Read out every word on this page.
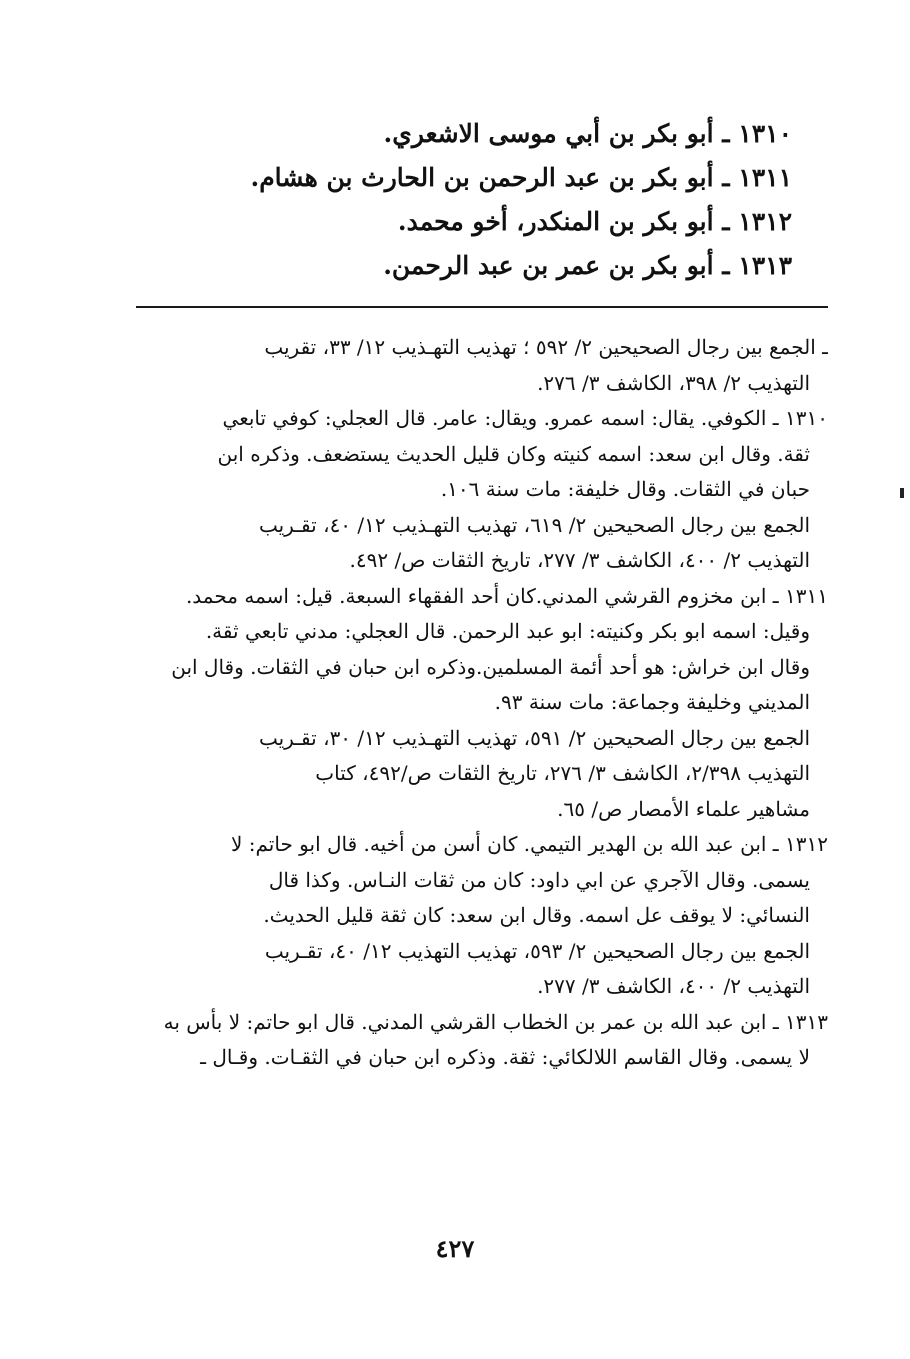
١٣١٠ ـ أبو بكر بن أبي موسى الاشعري.
١٣١١ ـ أبو بكر بن عبد الرحمن بن الحارث بن هشام.
١٣١٢ ـ أبو بكر بن المنكدر، أخو محمد.
١٣١٣ ـ أبو بكر بن عمر بن عبد الرحمن.
ـ الجمع بين رجال الصحيحين ٢/ ٥٩٢ ؛ تهذيب التهـذيب ١٢/ ٣٣، تقريب
التهذيب ٢/ ٣٩٨، الكاشف ٣/ ٢٧٦.
١٣١٠ ـ الكوفي. يقال: اسمه عمرو. ويقال: عامر. قال العجلي: كوفي تابعي
ثقة. وقال ابن سعد: اسمه كنيته وكان قليل الحديث يستضعف. وذكره ابن
حبان في الثقات. وقال خليفة: مات سنة ١٠٦.
الجمع بين رجال الصحيحين ٢/ ٦١٩، تهذيب التهـذيب ١٢/ ٤٠، تقـريب
التهذيب ٢/ ٤٠٠، الكاشف ٣/ ٢٧٧، تاريخ الثقات ص/ ٤٩٢.
١٣١١ ـ ابن مخزوم القرشي المدني.كان أحد الفقهاء السبعة. قيل: اسمه محمد.
وقيل: اسمه ابو بكر وكنيته: ابو عبد الرحمن. قال العجلي: مدني تابعي ثقة.
وقال ابن خراش: هو أحد أئمة المسلمين.وذكره ابن حبان في الثقات. وقال ابن
المديني وخليفة وجماعة: مات سنة ٩٣.
الجمع بين رجال الصحيحين ٢/ ٥٩١، تهذيب التهـذيب ١٢/ ٣٠، تقـريب
التهذيب ٢/٣٩٨، الكاشف ٣/ ٢٧٦، تاريخ الثقات ص/٤٩٢، كتاب
مشاهير علماء الأمصار ص/ ٦٥.
١٣١٢ ـ ابن عبد الله بن الهدير التيمي. كان أسن من أخيه. قال ابو حاتم: لا
يسمى. وقال الآجري عن ابي داود: كان من ثقات النـاس. وكذا قال
النسائي: لا يوقف عل اسمه. وقال ابن سعد: كان ثقة قليل الحديث.
الجمع بين رجال الصحيحين ٢/ ٥٩٣، تهذيب التهذيب ١٢/ ٤٠، تقـريب
التهذيب ٢/ ٤٠٠، الكاشف ٣/ ٢٧٧.
١٣١٣ ـ ابن عبد الله بن عمر بن الخطاب القرشي المدني. قال ابو حاتم: لا بأس به
لا يسمى. وقال القاسم اللالكائي: ثقة. وذكره ابن حبان في الثقـات. وقـال ـ
٤٢٧
